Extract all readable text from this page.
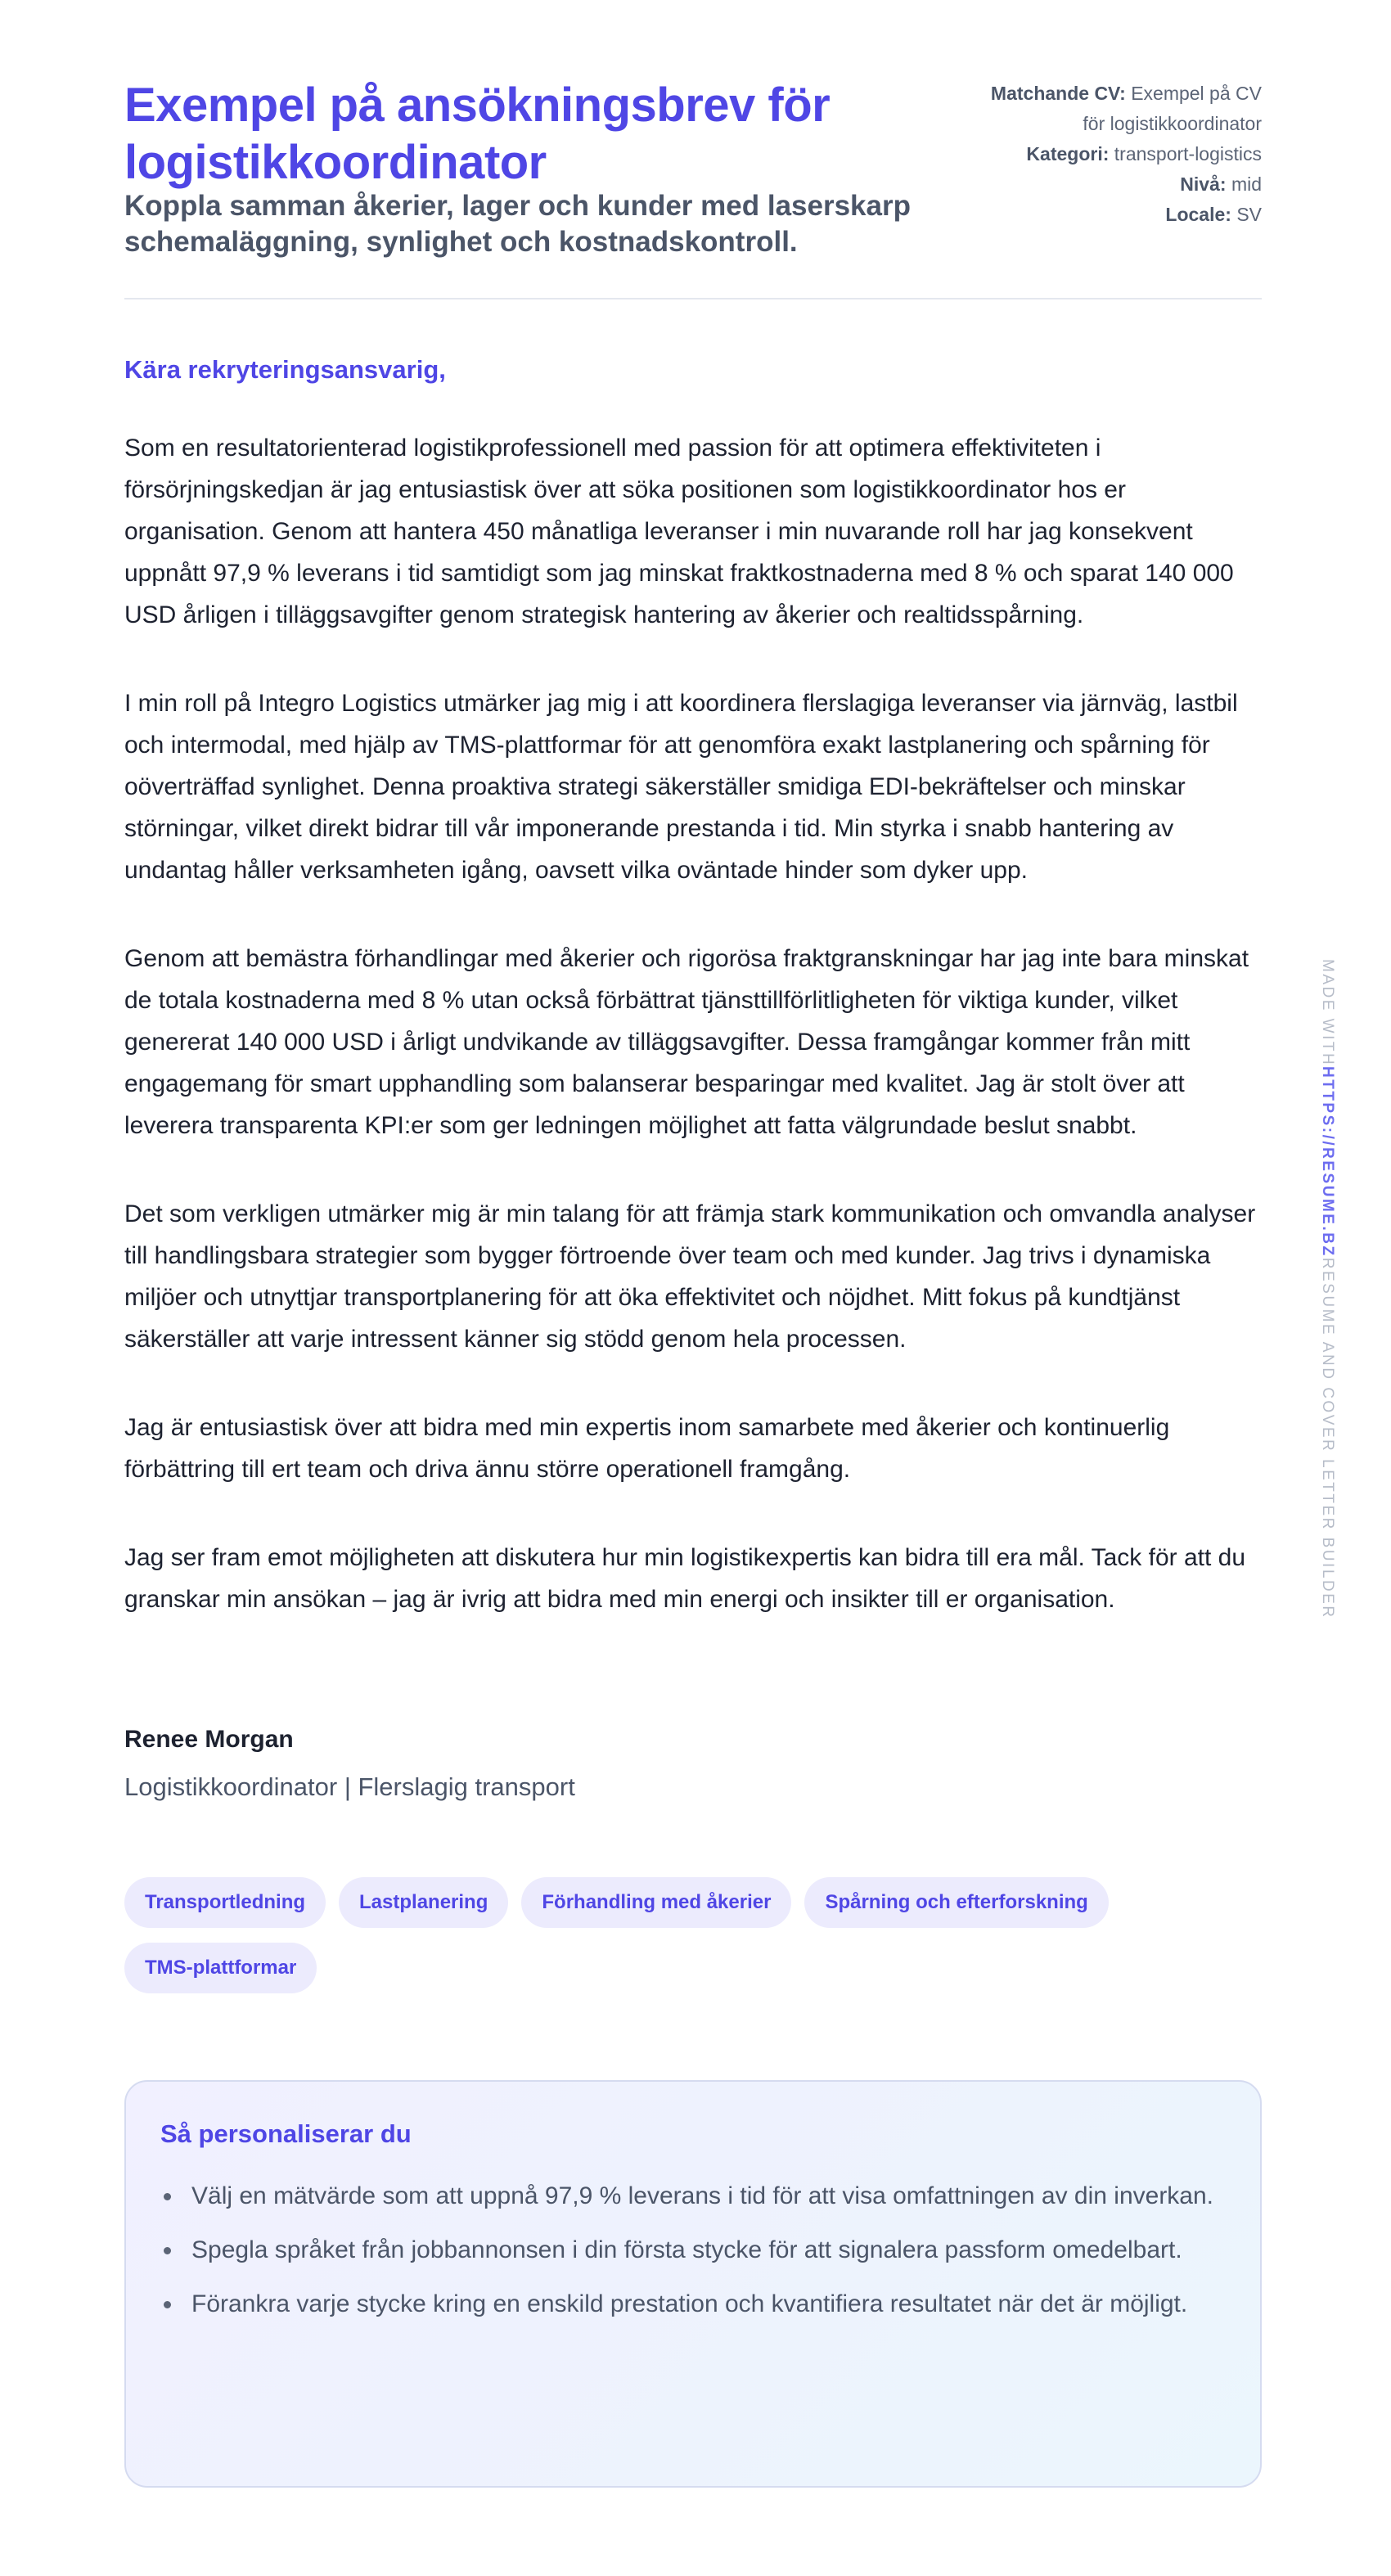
Exempel på ansökningsbrev för logistikkoordinator
Koppla samman åkerier, lager och kunder med laserskarp schemaläggning, synlighet och kostnadskontroll.
Matchande CV: Exempel på CV för logistikkoordinator
Kategori: transport-logistics
Nivå: mid
Locale: SV
Kära rekryteringsansvarig,

Som en resultatorienterad logistikprofessionell med passion för att optimera effektiviteten i försörjningskedjan är jag entusiastisk över att söka positionen som logistikkoordinator hos er organisation. Genom att hantera 450 månatliga leveranser i min nuvarande roll har jag konsekvent uppnått 97,9 % leverans i tid samtidigt som jag minskat fraktkostnaderna med 8 % och sparat 140 000 USD årligen i tilläggsavgifter genom strategisk hantering av åkerier och realtidsspårning.

I min roll på Integro Logistics utmärker jag mig i att koordinera flerslagiga leveranser via järnväg, lastbil och intermodal, med hjälp av TMS-plattformar för att genomföra exakt lastplanering och spårning för oöverträffad synlighet. Denna proaktiva strategi säkerställer smidiga EDI-bekräftelser och minskar störningar, vilket direkt bidrar till vår imponerande prestanda i tid. Min styrka i snabb hantering av undantag håller verksamheten igång, oavsett vilka oväntade hinder som dyker upp.

Genom att bemästra förhandlingar med åkerier och rigorösa fraktgranskningar har jag inte bara minskat de totala kostnaderna med 8 % utan också förbättrat tjänsttillförlitligheten för viktiga kunder, vilket genererat 140 000 USD i årligt undvikande av tilläggsavgifter. Dessa framgångar kommer från mitt engagemang för smart upphandling som balanserar besparingar med kvalitet. Jag är stolt över att leverera transparenta KPI:er som ger ledningen möjlighet att fatta välgrundade beslut snabbt.

Det som verkligen utmärker mig är min talang för att främja stark kommunikation och omvandla analyser till handlingsbara strategier som bygger förtroende över team och med kunder. Jag trivs i dynamiska miljöer och utnyttjar transportplanering för att öka effektivitet och nöjdhet. Mitt fokus på kundtjänst säkerställer att varje intressent känner sig stödd genom hela processen.

Jag är entusiastisk över att bidra med min expertis inom samarbete med åkerier och kontinuerlig förbättring till ert team och driva ännu större operationell framgång.

Jag ser fram emot möjligheten att diskutera hur min logistikexpertis kan bidra till era mål. Tack för att du granskar min ansökan – jag är ivrig att bidra med min energi och insikter till er organisation.

Renee Morgan
Logistikkoordinator | Flerslagig transport
Transportledning	Lastplanering	Förhandling med åkerier	Spårning och efterforskning
TMS-plattformar
Så personaliserar du
Välj en mätvärde som att uppnå 97,9 % leverans i tid för att visa omfattningen av din inverkan.
Spegla språket från jobbannonsen i din första stycke för att signalera passform omedelbart.
Förankra varje stycke kring en enskild prestation och kvantifiera resultatet när det är möjligt.
MADE WITHHTTPS://RESUME.BZRESUME AND COVER LETTER BUILDER
